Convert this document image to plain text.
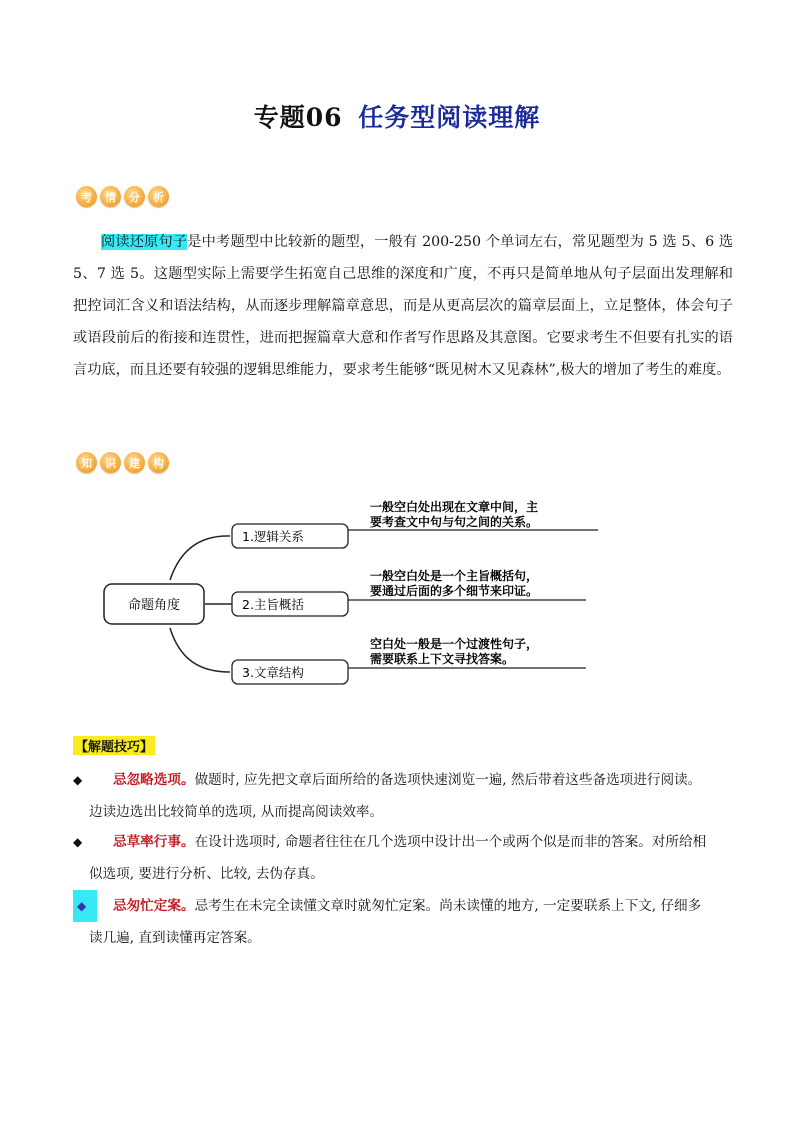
专题06 任务型阅读理解
考	情	分	析
阅读还原句子是中考题型中比较新的题型，一般有 200-250 个单词左右，常见题型为 5 选 5、6 选 5、7 选 5。这题型实际上需要学生拓宽自己思维的深度和广度，不再只是简单地从句子层面出发理解和把控词汇含义和语法结构，从而逐步理解篇章意思，而是从更高层次的篇章层面上，立足整体，体会句子或语段前后的衔接和连贯性，进而把握篇章大意和作者写作思路及其意图。它要求考生不但要有扎实的语言功底，而且还要有较强的逻辑思维能力，要求考生能够“既见树木又见森林”,极大的增加了考生的难度。
知	识	建	构
命题角度
1.逻辑关系
一般空白处出现在文章中间，主
要考查文中句与句之间的关系。
2.主旨概括
一般空白处是一个主旨概括句，
要通过后面的多个细节来印证。
3.文章结构
空白处一般是一个过渡性句子，
需要联系上下文寻找答案。
【解题技巧】
◆	忌忽略选项。做题时, 应先把文章后面所给的备选项快速浏览一遍, 然后带着这些备选项进行阅读。
边读边选出比较简单的选项, 从而提高阅读效率。
◆	忌草率行事。在设计选项时, 命题者往往在几个选项中设计出一个或两个似是而非的答案。对所给相
似选项, 要进行分析、比较, 去伪存真。
◆	忌匆忙定案。忌考生在未完全读懂文章时就匆忙定案。尚未读懂的地方, 一定要联系上下文, 仔细多
读几遍, 直到读懂再定答案。
